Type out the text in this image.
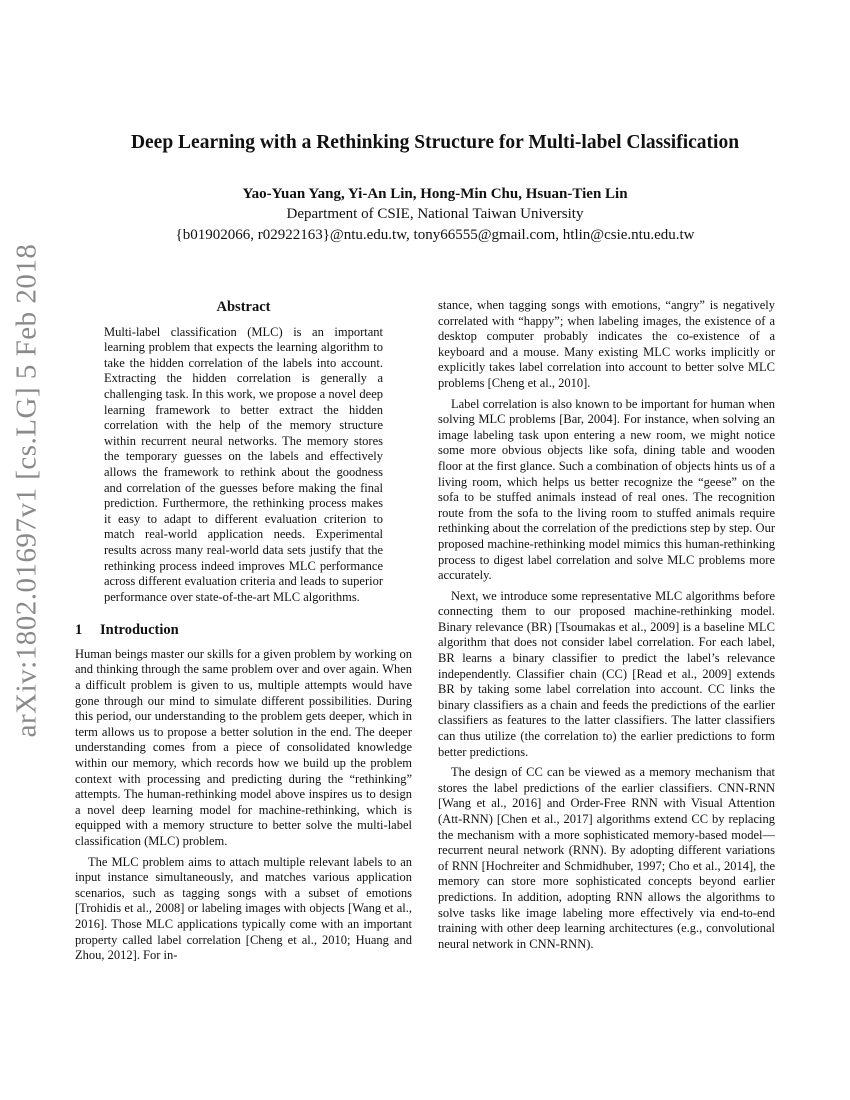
arXiv:1802.01697v1 [cs.LG] 5 Feb 2018
Deep Learning with a Rethinking Structure for Multi-label Classification
Yao-Yuan Yang, Yi-An Lin, Hong-Min Chu, Hsuan-Tien Lin
Department of CSIE, National Taiwan University
{b01902066, r02922163}@ntu.edu.tw, tony66555@gmail.com, htlin@csie.ntu.edu.tw
Abstract

Multi-label classification (MLC) is an important learning problem that expects the learning algorithm to take the hidden correlation of the labels into account. Extracting the hidden correlation is generally a challenging task. In this work, we propose a novel deep learning framework to better extract the hidden correlation with the help of the memory structure within recurrent neural networks. The memory stores the temporary guesses on the labels and effectively allows the framework to rethink about the goodness and correlation of the guesses before making the final prediction. Furthermore, the rethinking process makes it easy to adapt to different evaluation criterion to match real-world application needs. Experimental results across many real-world data sets justify that the rethinking process indeed improves MLC performance across different evaluation criteria and leads to superior performance over state-of-the-art MLC algorithms.

1 Introduction

Human beings master our skills for a given problem by working on and thinking through the same problem over and over again. When a difficult problem is given to us, multiple attempts would have gone through our mind to simulate different possibilities. During this period, our understanding to the problem gets deeper, which in term allows us to propose a better solution in the end. The deeper understanding comes from a piece of consolidated knowledge within our memory, which records how we build up the problem context with processing and predicting during the “rethinking” attempts. The human-rethinking model above inspires us to design a novel deep learning model for machine-rethinking, which is equipped with a memory structure to better solve the multi-label classification (MLC) problem.

The MLC problem aims to attach multiple relevant labels to an input instance simultaneously, and matches various application scenarios, such as tagging songs with a subset of emotions [Trohidis et al., 2008] or labeling images with objects [Wang et al., 2016]. Those MLC applications typically come with an important property called label correlation [Cheng et al., 2010; Huang and Zhou, 2012]. For in-

stance, when tagging songs with emotions, “angry” is negatively correlated with “happy”; when labeling images, the existence of a desktop computer probably indicates the co-existence of a keyboard and a mouse. Many existing MLC works implicitly or explicitly takes label correlation into account to better solve MLC problems [Cheng et al., 2010].

Label correlation is also known to be important for human when solving MLC problems [Bar, 2004]. For instance, when solving an image labeling task upon entering a new room, we might notice some more obvious objects like sofa, dining table and wooden floor at the first glance. Such a combination of objects hints us of a living room, which helps us better recognize the “geese” on the sofa to be stuffed animals instead of real ones. The recognition route from the sofa to the living room to stuffed animals require rethinking about the correlation of the predictions step by step. Our proposed machine-rethinking model mimics this human-rethinking process to digest label correlation and solve MLC problems more accurately.

Next, we introduce some representative MLC algorithms before connecting them to our proposed machine-rethinking model. Binary relevance (BR) [Tsoumakas et al., 2009] is a baseline MLC algorithm that does not consider label correlation. For each label, BR learns a binary classifier to predict the label’s relevance independently. Classifier chain (CC) [Read et al., 2009] extends BR by taking some label correlation into account. CC links the binary classifiers as a chain and feeds the predictions of the earlier classifiers as features to the latter classifiers. The latter classifiers can thus utilize (the correlation to) the earlier predictions to form better predictions.

The design of CC can be viewed as a memory mechanism that stores the label predictions of the earlier classifiers. CNN-RNN [Wang et al., 2016] and Order-Free RNN with Visual Attention (Att-RNN) [Chen et al., 2017] algorithms extend CC by replacing the mechanism with a more sophisticated memory-based model—recurrent neural network (RNN). By adopting different variations of RNN [Hochreiter and Schmidhuber, 1997; Cho et al., 2014], the memory can store more sophisticated concepts beyond earlier predictions. In addition, adopting RNN allows the algorithms to solve tasks like image labeling more effectively via end-to-end training with other deep learning architectures (e.g., convolutional neural network in CNN-RNN).
